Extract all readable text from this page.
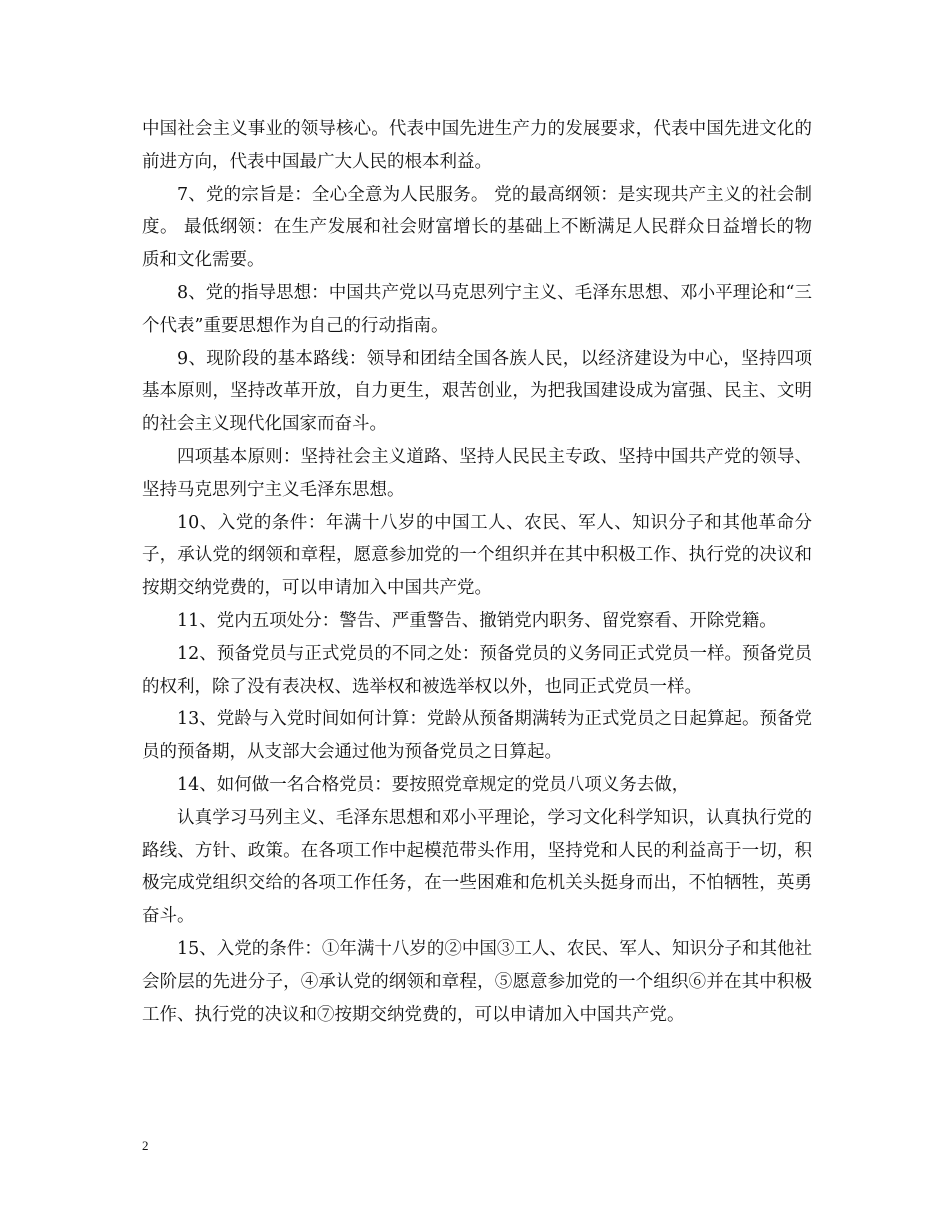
中国社会主义事业的领导核心。代表中国先进生产力的发展要求，代表中国先进文化的前进方向，代表中国最广大人民的根本利益。

7、党的宗旨是：全心全意为人民服务。 党的最高纲领：是实现共产主义的社会制度。 最低纲领：在生产发展和社会财富增长的基础上不断满足人民群众日益增长的物质和文化需要。

8、党的指导思想：中国共产党以马克思列宁主义、毛泽东思想、邓小平理论和“三个代表”重要思想作为自己的行动指南。

9、现阶段的基本路线：领导和团结全国各族人民，以经济建设为中心，坚持四项基本原则，坚持改革开放，自力更生，艰苦创业，为把我国建设成为富强、民主、文明的社会主义现代化国家而奋斗。

四项基本原则：坚持社会主义道路、坚持人民民主专政、坚持中国共产党的领导、坚持马克思列宁主义毛泽东思想。

10、入党的条件：年满十八岁的中国工人、农民、军人、知识分子和其他革命分子，承认党的纲领和章程，愿意参加党的一个组织并在其中积极工作、执行党的决议和按期交纳党费的，可以申请加入中国共产党。

11、党内五项处分：警告、严重警告、撤销党内职务、留党察看、开除党籍。

12、预备党员与正式党员的不同之处：预备党员的义务同正式党员一样。预备党员的权利，除了没有表决权、选举权和被选举权以外，也同正式党员一样。

13、党龄与入党时间如何计算：党龄从预备期满转为正式党员之日起算起。预备党员的预备期，从支部大会通过他为预备党员之日算起。

14、如何做一名合格党员：要按照党章规定的党员八项义务去做，

认真学习马列主义、毛泽东思想和邓小平理论，学习文化科学知识，认真执行党的路线、方针、政策。在各项工作中起模范带头作用，坚持党和人民的利益高于一切，积极完成党组织交给的各项工作任务，在一些困难和危机关头挺身而出，不怕牺牲，英勇奋斗。

15、入党的条件：①年满十八岁的②中国③工人、农民、军人、知识分子和其他社会阶层的先进分子，④承认党的纲领和章程，⑤愿意参加党的一个组织⑥并在其中积极工作、执行党的决议和⑦按期交纳党费的，可以申请加入中国共产党。

2
